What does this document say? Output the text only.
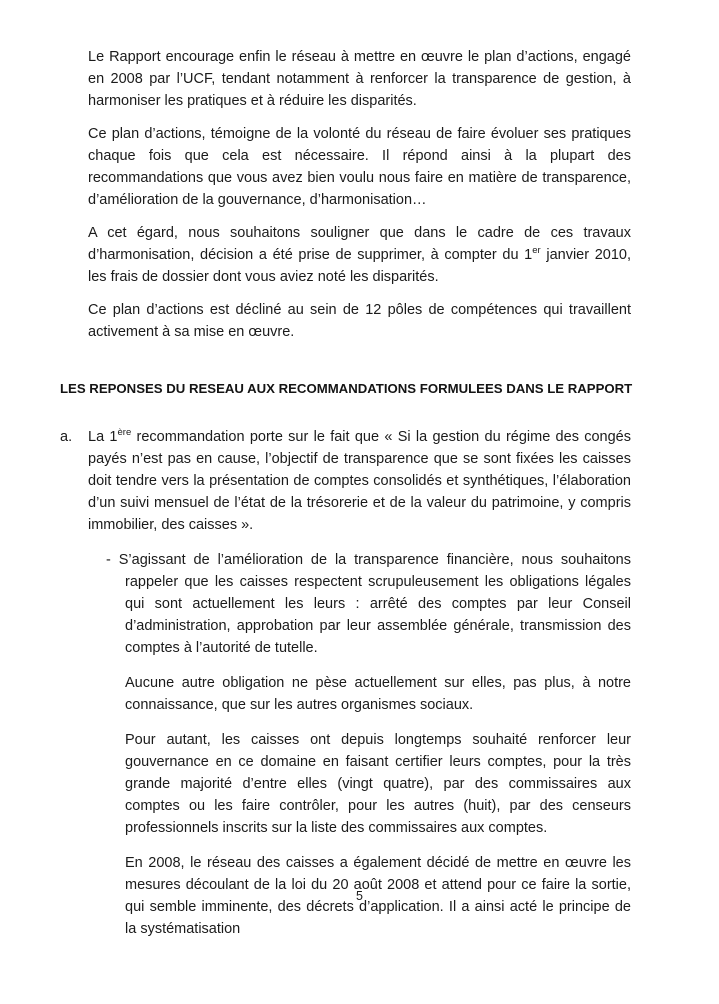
Le Rapport encourage enfin le réseau à mettre en œuvre le plan d’actions, engagé en 2008 par l’UCF, tendant notamment à renforcer la transparence de gestion, à harmoniser les pratiques et à réduire les disparités.

Ce plan d’actions, témoigne de la volonté du réseau de faire évoluer ses pratiques chaque fois que cela est nécessaire. Il répond ainsi à la plupart des recommandations que vous avez bien voulu nous faire en matière de transparence, d’amélioration de la gouvernance, d’harmonisation…

A cet égard, nous souhaitons souligner que dans le cadre de ces travaux d’harmonisation, décision a été prise de supprimer, à compter du 1er janvier 2010, les frais de dossier dont vous aviez noté les disparités.

Ce plan d’actions est décliné au sein de 12 pôles de compétences qui travaillent activement à sa mise en œuvre.

LES REPONSES DU RESEAU AUX RECOMMANDATIONS FORMULEES DANS LE RAPPORT
a.	La 1ère recommandation porte sur le fait que « Si la gestion du régime des congés payés n’est pas en cause, l’objectif de transparence que se sont fixées les caisses doit tendre vers la présentation de comptes consolidés et synthétiques, l’élaboration d’un suivi mensuel de l’état de la trésorerie et de la valeur du patrimoine, y compris immobilier, des caisses ».

- S’agissant de l’amélioration de la transparence financière, nous souhaitons rappeler que les caisses respectent scrupuleusement les obligations légales qui sont actuellement les leurs : arrêté des comptes par leur Conseil d’administration, approbation par leur assemblée générale, transmission des comptes à l’autorité de tutelle.

Aucune autre obligation ne pèse actuellement sur elles, pas plus, à notre connaissance, que sur les autres organismes sociaux.

Pour autant, les caisses ont depuis longtemps souhaité renforcer leur gouvernance en ce domaine en faisant certifier leurs comptes, pour la très grande majorité d’entre elles (vingt quatre), par des commissaires aux comptes ou les faire contrôler, pour les autres (huit), par des censeurs professionnels inscrits sur la liste des commissaires aux comptes.

En 2008, le réseau des caisses a également décidé de mettre en œuvre les mesures découlant de la loi du 20 août 2008 et attend pour ce faire la sortie, qui semble imminente, des décrets d’application. Il a ainsi acté le principe de la systématisation

5
